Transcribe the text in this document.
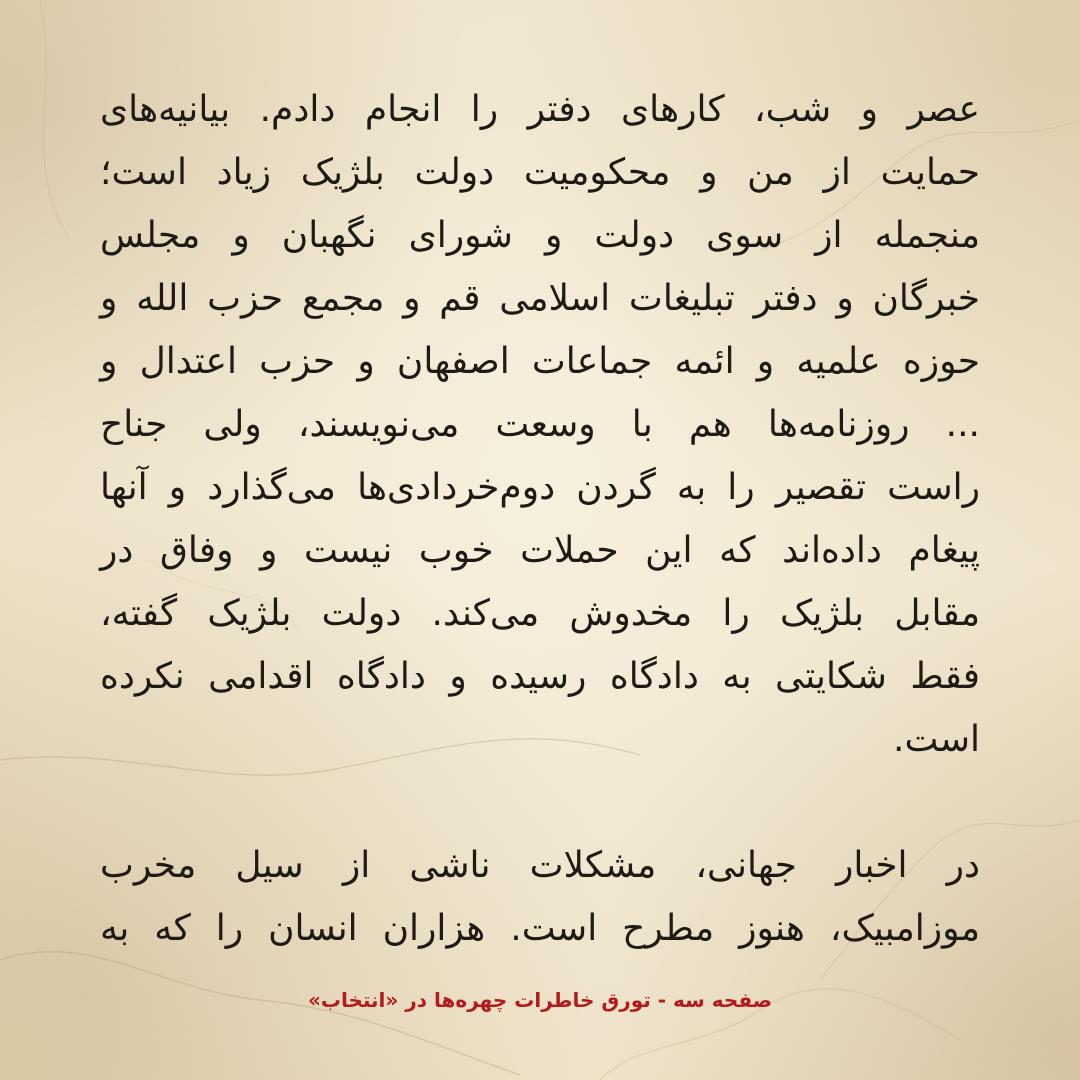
عصر و شب، کارهای دفتر را انجام دادم. بیانیه‌های
حمایت از من و محکومیت دولت بلژیک زیاد است؛
منجمله از سوی دولت و شورای نگهبان و مجلس
خبرگان و دفتر تبلیغات اسلامی قم و مجمع حزب الله و
حوزه علمیه و ائمه جماعات اصفهان و حزب اعتدال و
... روزنامه‌ها هم با وسعت می‌نویسند، ولی جناح
راست تقصیر را به گردن دوم‌خردادی‌ها می‌گذارد و آنها
پیغام داده‌اند که این حملات خوب نیست و وفاق در
مقابل بلژیک را مخدوش می‌کند. دولت بلژیک گفته،
فقط شکایتی به دادگاه رسیده و دادگاه اقدامی نکرده
است.
در اخبار جهانی، مشکلات ناشی از سیل مخرب
موزامبیک، هنوز مطرح است. هزاران انسان را که به
صفحه سه - تورق خاطرات چهره‌ها در «انتخاب»
